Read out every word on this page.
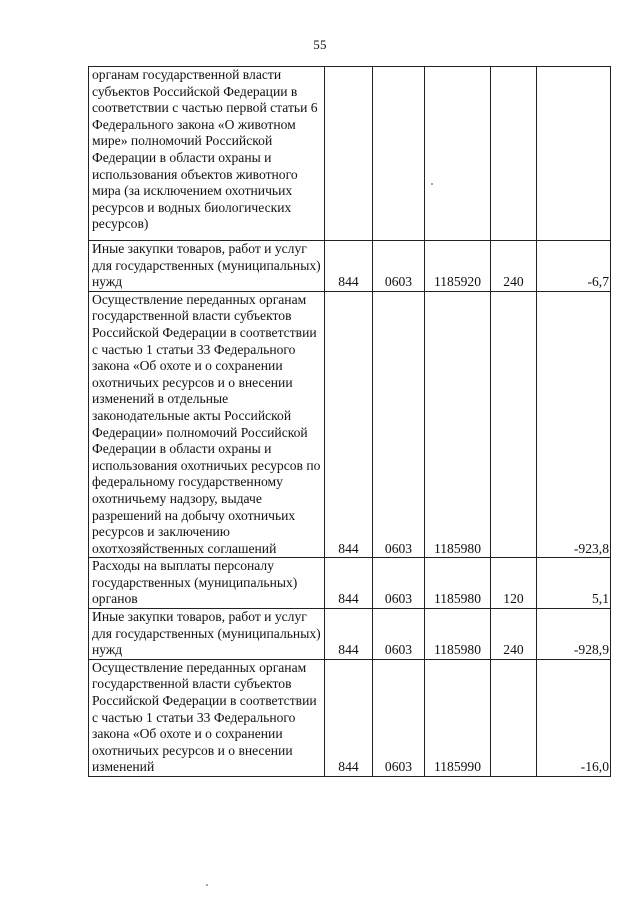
55
органам государственной власти субъектов Российской Федерации в соответствии с частью первой статьи 6 Федерального закона «О животном мире» полномочий Российской Федерации в области охраны и использования объектов животного мира (за исключением охотничьих ресурсов и водных биологических ресурсов)					
Иные закупки товаров, работ и услуг для государственных (муниципальных) нужд	844	0603	1185920	240	-6,7
Осуществление переданных органам государственной власти субъектов Российской Федерации в соответствии с частью 1 статьи 33 Федерального закона «Об охоте и о сохранении охотничьих ресурсов и о внесении изменений в отдельные законодательные акты Российской Федерации» полномочий Российской Федерации в области охраны и использования охотничьих ресурсов по федеральному государственному охотничьему надзору, выдаче разрешений на добычу охотничьих ресурсов и заключению охотхозяйственных соглашений	844	0603	1185980		-923,8
Расходы на выплаты персоналу государственных (муниципальных) органов	844	0603	1185980	120	5,1
Иные закупки товаров, работ и услуг для государственных (муниципальных) нужд	844	0603	1185980	240	-928,9
Осуществление переданных органам государственной власти субъектов Российской Федерации в соответствии с частью 1 статьи 33 Федерального закона «Об охоте и о сохранении охотничьих ресурсов и о внесении изменений	844	0603	1185990		-16,0
